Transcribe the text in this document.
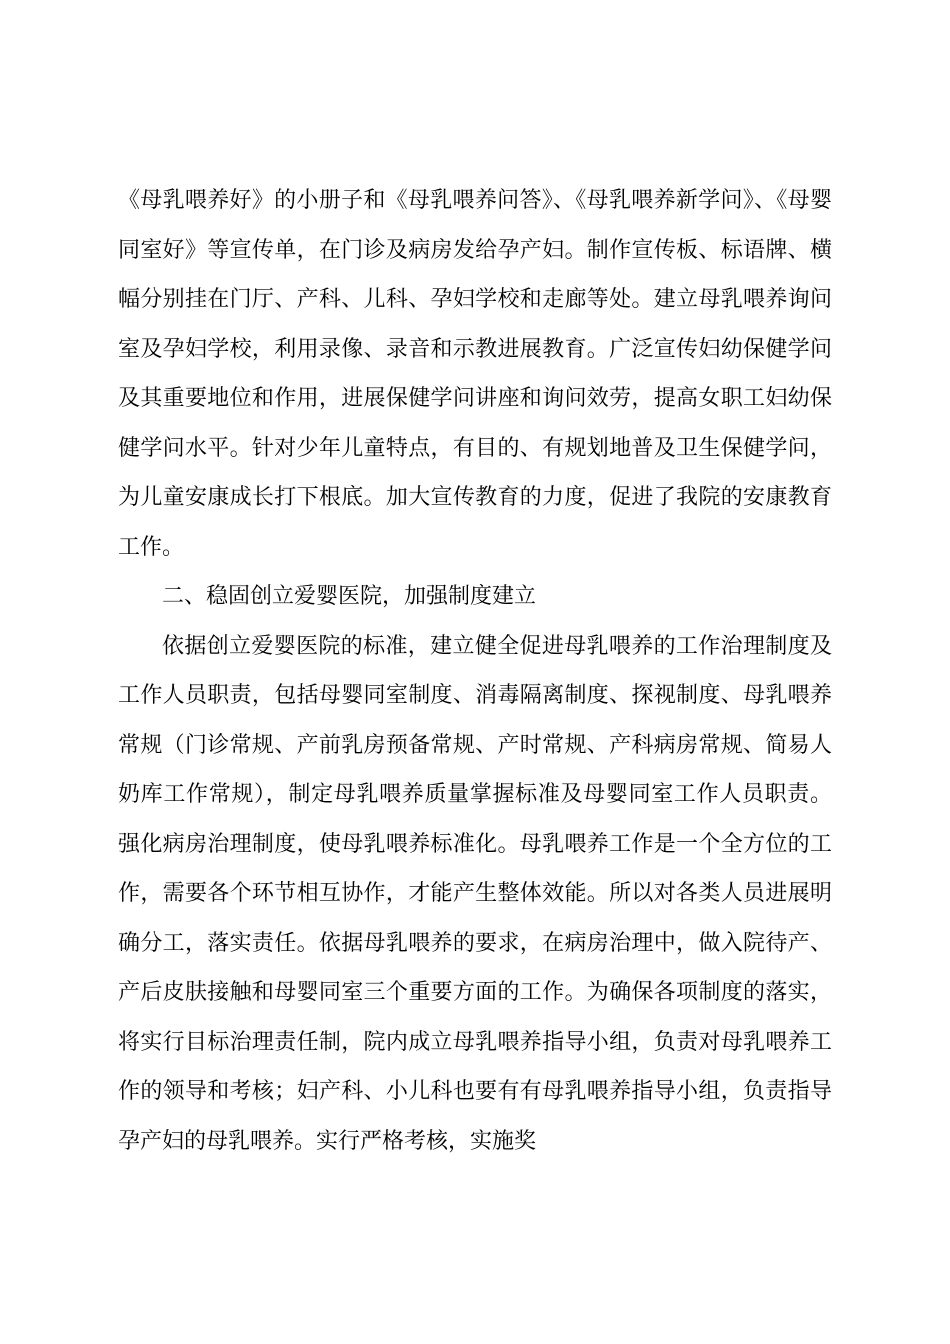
《母乳喂养好》的小册子和《母乳喂养问答》、《母乳喂养新学问》、《母婴同室好》等宣传单，在门诊及病房发给孕产妇。制作宣传板、标语牌、横幅分别挂在门厅、产科、儿科、孕妇学校和走廊等处。建立母乳喂养询问室及孕妇学校，利用录像、录音和示教进展教育。广泛宣传妇幼保健学问及其重要地位和作用，进展保健学问讲座和询问效劳，提高女职工妇幼保健学问水平。针对少年儿童特点，有目的、有规划地普及卫生保健学问，为儿童安康成长打下根底。加大宣传教育的力度，促进了我院的安康教育工作。

二、稳固创立爱婴医院，加强制度建立

依据创立爱婴医院的标准，建立健全促进母乳喂养的工作治理制度及工作人员职责，包括母婴同室制度、消毒隔离制度、探视制度、母乳喂养常规（门诊常规、产前乳房预备常规、产时常规、产科病房常规、简易人奶库工作常规），制定母乳喂养质量掌握标准及母婴同室工作人员职责。强化病房治理制度，使母乳喂养标准化。母乳喂养工作是一个全方位的工作，需要各个环节相互协作，才能产生整体效能。所以对各类人员进展明确分工，落实责任。依据母乳喂养的要求，在病房治理中，做入院待产、产后皮肤接触和母婴同室三个重要方面的工作。为确保各项制度的落实，将实行目标治理责任制，院内成立母乳喂养指导小组，负责对母乳喂养工作的领导和考核；妇产科、小儿科也要有有母乳喂养指导小组，负责指导孕产妇的母乳喂养。实行严格考核，实施奖
